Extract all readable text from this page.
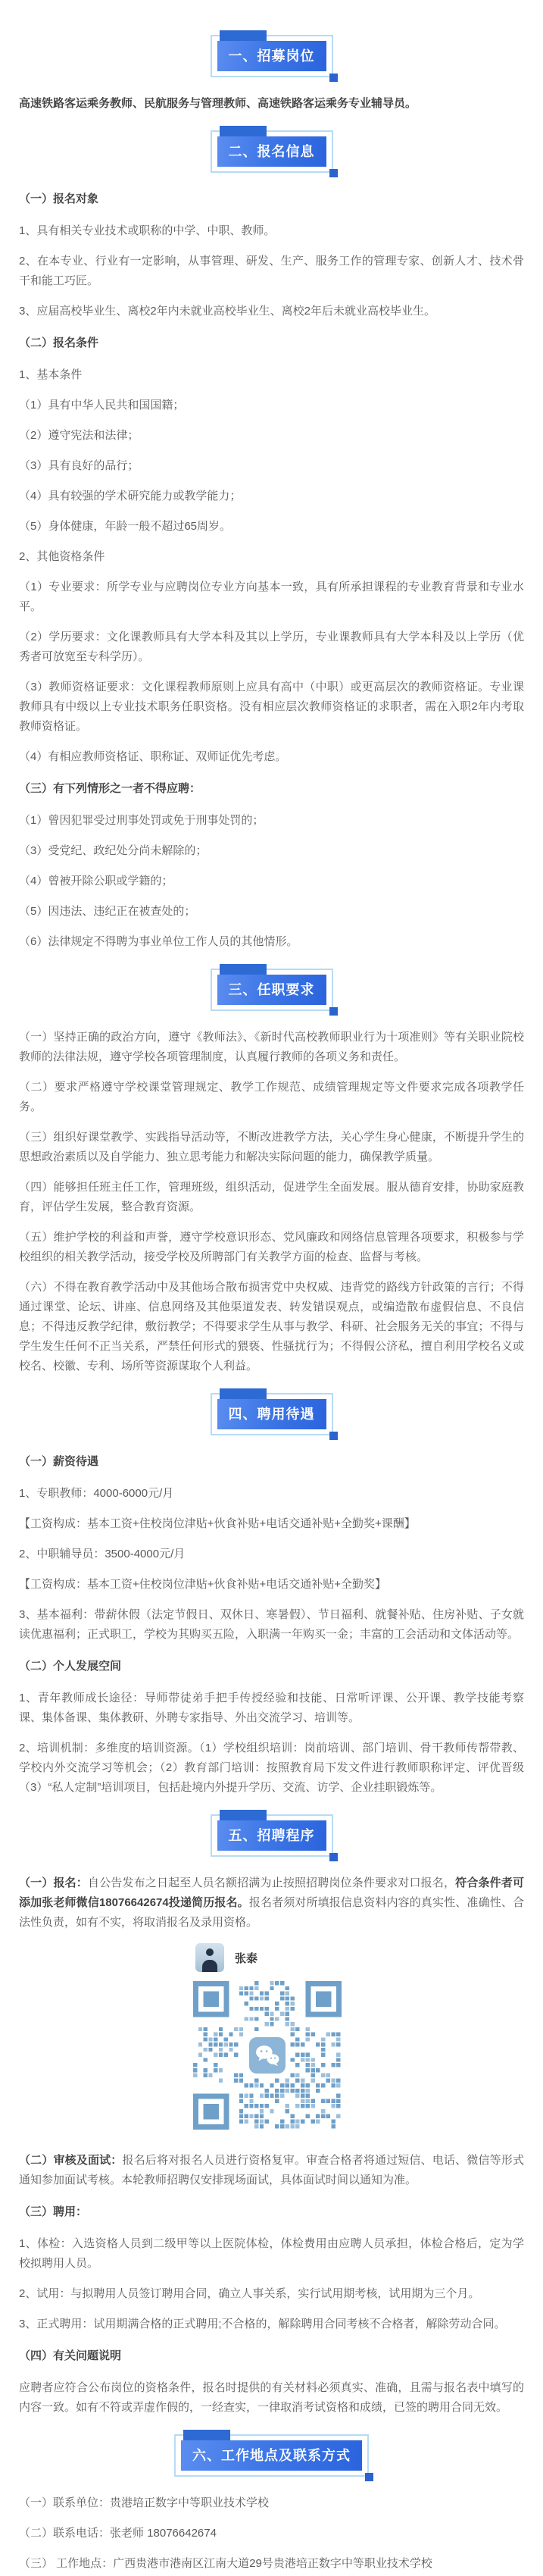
一、招募岗位
高速铁路客运乘务教师、民航服务与管理教师、高速铁路客运乘务专业辅导员。
二、报名信息
（一）报名对象
1、具有相关专业技术或职称的中学、中职、教师。
2、在本专业、行业有一定影响，从事管理、研发、生产、服务工作的管理专家、创新人才、技术骨干和能工巧匠。
3、应届高校毕业生、离校2年内未就业高校毕业生、离校2年后未就业高校毕业生。
（二）报名条件
1、基本条件
（1）具有中华人民共和国国籍；
（2）遵守宪法和法律；
（3）具有良好的品行；
（4）具有较强的学术研究能力或教学能力；
（5）身体健康，年龄一般不超过65周岁。
2、其他资格条件
（1）专业要求：所学专业与应聘岗位专业方向基本一致，具有所承担课程的专业教育背景和专业水平。
（2）学历要求：文化课教师具有大学本科及其以上学历，专业课教师具有大学本科及以上学历（优秀者可放宽至专科学历）。
（3）教师资格证要求：文化课程教师原则上应具有高中（中职）或更高层次的教师资格证。专业课教师具有中级以上专业技术职务任职资格。没有相应层次教师资格证的求职者，需在入职2年内考取教师资格证。
（4）有相应教师资格证、职称证、双师证优先考虑。
（三）有下列情形之一者不得应聘：
（1）曾因犯罪受过刑事处罚或免于刑事处罚的；
（3）受党纪、政纪处分尚未解除的；
（4）曾被开除公职或学籍的；
（5）因违法、违纪正在被查处的；
（6）法律规定不得聘为事业单位工作人员的其他情形。
三、任职要求
（一）坚持正确的政治方向，遵守《教师法》、《新时代高校教师职业行为十项准则》等有关职业院校教师的法律法规，遵守学校各项管理制度，认真履行教师的各项义务和责任。
（二）要求严格遵守学校课堂管理规定、教学工作规范、成绩管理规定等文件要求完成各项教学任务。
（三）组织好课堂教学、实践指导活动等，不断改进教学方法，关心学生身心健康，不断提升学生的思想政治素质以及自学能力、独立思考能力和解决实际问题的能力，确保教学质量。
（四）能够担任班主任工作，管理班级，组织活动，促进学生全面发展。服从德育安排，协助家庭教育，评估学生发展，整合教育资源。
（五）维护学校的利益和声誉，遵守学校意识形态、党风廉政和网络信息管理各项要求，积极参与学校组织的相关教学活动，接受学校及所聘部门有关教学方面的检查、监督与考核。
（六）不得在教育教学活动中及其他场合散布损害党中央权威、违背党的路线方针政策的言行；不得通过课堂、论坛、讲座、信息网络及其他渠道发表、转发错误观点，或编造散布虚假信息、不良信息；不得违反教学纪律，敷衍教学；不得要求学生从事与教学、科研、社会服务无关的事宜；不得与学生发生任何不正当关系，严禁任何形式的猥亵、性骚扰行为；不得假公济私，擅自利用学校名义或校名、校徽、专利、场所等资源谋取个人利益。
四、聘用待遇
（一）薪资待遇
1、专职教师：4000-6000元/月
【工资构成：基本工资+住校岗位津贴+伙食补贴+电话交通补贴+全勤奖+课酬】
2、中职辅导员：3500-4000元/月
【工资构成：基本工资+住校岗位津贴+伙食补贴+电话交通补贴+全勤奖】
3、基本福利：带薪休假（法定节假日、双休日、寒暑假）、节日福利、就餐补贴、住房补贴、子女就读优惠福利；正式职工，学校为其购买五险，入职满一年购买一金；丰富的工会活动和文体活动等。
（二）个人发展空间
1、青年教师成长途径：导师带徒弟手把手传授经验和技能、日常听评课、公开课、教学技能考察课、集体备课、集体教研、外聘专家指导、外出交流学习、培训等。
2、培训机制：多维度的培训资源。（1）学校组织培训：岗前培训、部门培训、骨干教师传帮带教、学校内外交流学习等机会；（2）教育部门培训：按照教育局下发文件进行教师职称评定、评优晋级（3）“私人定制”培训项目，包括赴境内外提升学历、交流、访学、企业挂职锻炼等。
五、招聘程序
（一）报名：自公告发布之日起至人员名额招满为止按照招聘岗位条件要求对口报名，符合条件者可添加张老师微信18076642674投递简历报名。报名者须对所填报信息资料内容的真实性、准确性、合法性负责，如有不实，将取消报名及录用资格。
张泰
（二）审核及面试：报名后将对报名人员进行资格复审。审查合格者将通过短信、电话、微信等形式通知参加面试考核。本轮教师招聘仅安排现场面试，具体面试时间以通知为准。
（三）聘用：
1、体检：入选资格人员到二级甲等以上医院体检，体检费用由应聘人员承担，体检合格后，定为学校拟聘用人员。
2、试用：与拟聘用人员签订聘用合同，确立人事关系，实行试用期考核，试用期为三个月。
3、正式聘用：试用期满合格的正式聘用;不合格的，解除聘用合同考核不合格者，解除劳动合同。
（四）有关问题说明
应聘者应符合公布岗位的资格条件，报名时提供的有关材料必须真实、准确，且需与报名表中填写的内容一致。如有不符或弄虚作假的，一经查实，一律取消考试资格和成绩，已签的聘用合同无效。
六、工作地点及联系方式
（一）联系单位：贵港培正数字中等职业技术学校
（二）联系电话：张老师 18076642674
（三） 工作地点：广西贵港市港南区江南大道29号贵港培正数字中等职业技术学校
